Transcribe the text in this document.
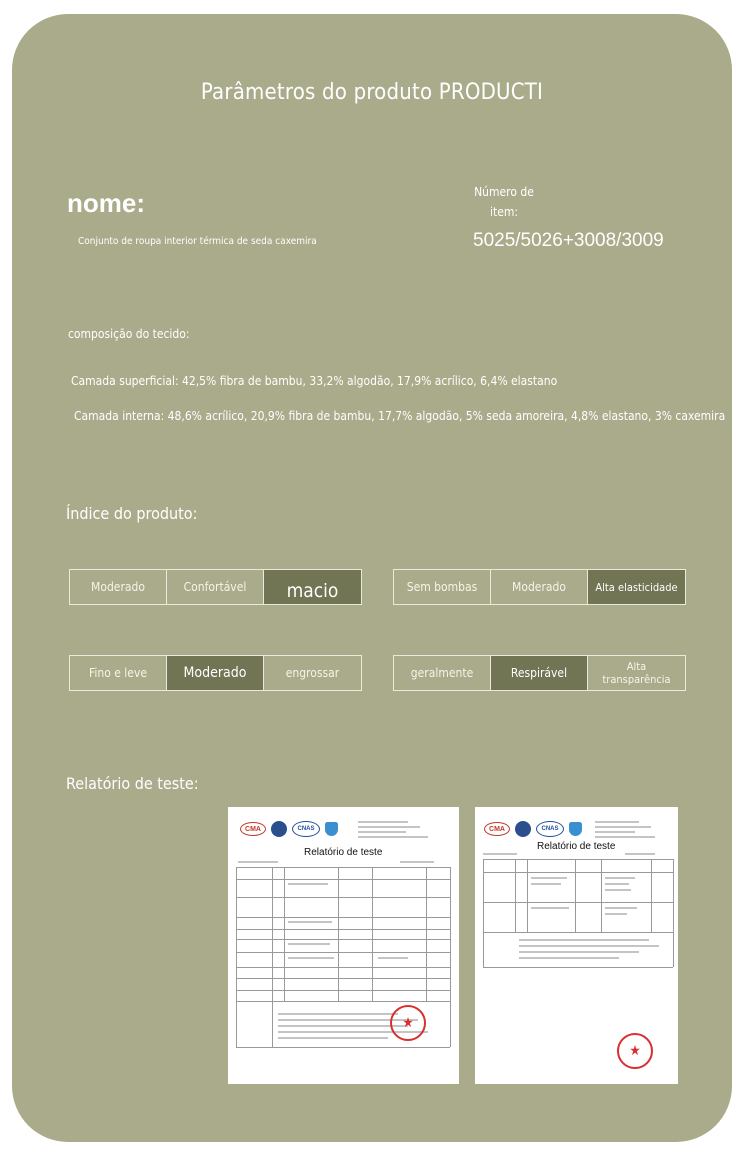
Parâmetros do produto PRODUCTI
nome:
Conjunto de roupa interior térmica de seda caxemira
Número de item:
5025/5026+3008/3009
composição do tecido:
Camada superficial: 42,5% fibra de bambu, 33,2% algodão, 17,9% acrílico, 6,4% elastano
Camada interna: 48,6% acrílico, 20,9% fibra de bambu, 17,7% algodão, 5% seda amoreira, 4,8% elastano, 3% caxemira
Índice do produto:
Moderado	Confortável	macio	Sem bombas	Moderado	Alta elasticidade
Fino e leve	Moderado	engrossar	geralmente	Respirável	Alta transparência
Relatório de teste:
CMA	CNAS
Relatório de teste
★
CMA	CNAS
Relatório de teste
★
